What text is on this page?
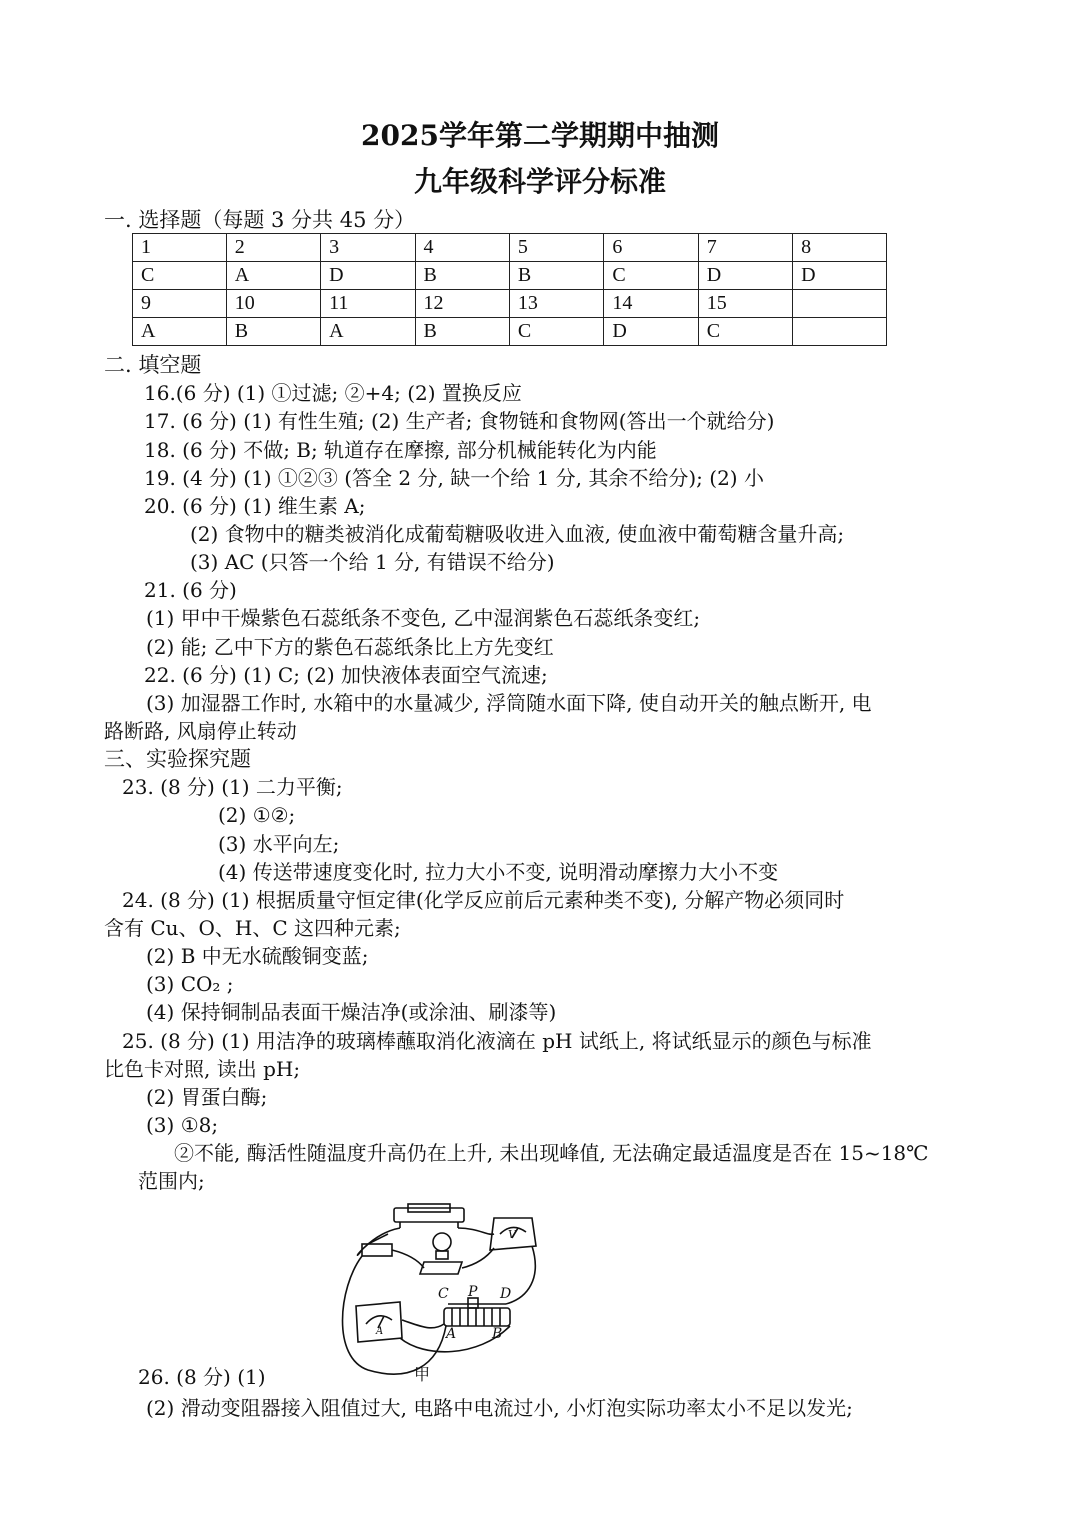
2025学年第二学期期中抽测
九年级科学评分标准
一. 选择题（每题 3 分共 45 分）
1	2	3	4	5	6	7	8
C	A	D	B	B	C	D	D
9	10	11	12	13	14	15	
A	B	A	B	C	D	C	
二. 填空题
16.(6 分) (1) ①过滤; ②+4; (2) 置换反应
17. (6 分) (1) 有性生殖; (2) 生产者; 食物链和食物网(答出一个就给分)
18. (6 分) 不做; B; 轨道存在摩擦, 部分机械能转化为内能
19. (4 分) (1) ①②③ (答全 2 分, 缺一个给 1 分, 其余不给分); (2) 小
20. (6 分) (1) 维生素 A;
(2) 食物中的糖类被消化成葡萄糖吸收进入血液, 使血液中葡萄糖含量升高;
(3) AC (只答一个给 1 分, 有错误不给分)
21. (6 分)
(1) 甲中干燥紫色石蕊纸条不变色, 乙中湿润紫色石蕊纸条变红;
(2) 能; 乙中下方的紫色石蕊纸条比上方先变红
22. (6 分) (1) C; (2) 加快液体表面空气流速;
(3) 加湿器工作时, 水箱中的水量减少, 浮筒随水面下降, 使自动开关的触点断开, 电
路断路, 风扇停止转动
三、实验探究题
23. (8 分) (1) 二力平衡;
(2) ①②;
(3) 水平向左;
(4) 传送带速度变化时, 拉力大小不变, 说明滑动摩擦力大小不变
24. (8 分) (1) 根据质量守恒定律(化学反应前后元素种类不变), 分解产物必须同时
含有 Cu、O、H、C 这四种元素;
(2) B 中无水硫酸铜变蓝;
(3) CO₂ ;
(4) 保持铜制品表面干燥洁净(或涂油、刷漆等)
25. (8 分) (1) 用洁净的玻璃棒蘸取消化液滴在 pH 试纸上, 将试纸显示的颜色与标准
比色卡对照, 读出 pH;
(2) 胃蛋白酶;
(3) ①8;
②不能, 酶活性随温度升高仍在上升, 未出现峰值, 无法确定最适温度是否在 15~18℃
范围内;
C P D
A	B
V
A
甲
26. (8 分) (1)
(2) 滑动变阻器接入阻值过大, 电路中电流过小, 小灯泡实际功率太小不足以发光;
